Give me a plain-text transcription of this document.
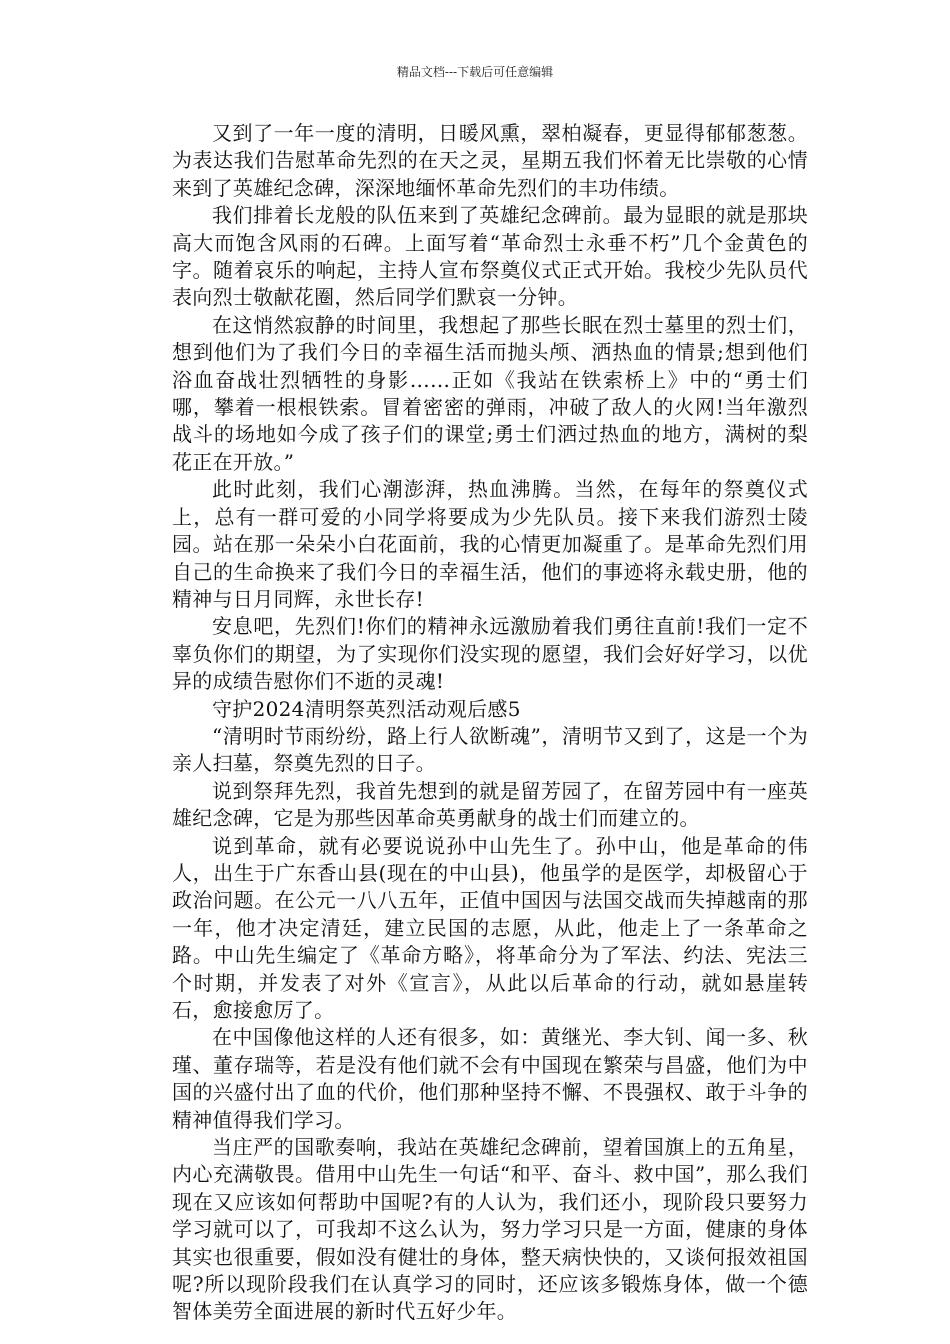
精品文档---下载后可任意编辑

又到了一年一度的清明，日暖风熏，翠柏凝春，更显得郁郁葱葱。为表达我们告慰革命先烈的在天之灵，星期五我们怀着无比崇敬的心情来到了英雄纪念碑，深深地缅怀革命先烈们的丰功伟绩。

我们排着长龙般的队伍来到了英雄纪念碑前。最为显眼的就是那块高大而饱含风雨的石碑。上面写着“革命烈士永垂不朽”几个金黄色的字。随着哀乐的响起，主持人宣布祭奠仪式正式开始。我校少先队员代表向烈士敬献花圈，然后同学们默哀一分钟。

在这悄然寂静的时间里，我想起了那些长眠在烈士墓里的烈士们，想到他们为了我们今日的幸福生活而抛头颅、洒热血的情景;想到他们浴血奋战壮烈牺牲的身影……正如《我站在铁索桥上》中的“勇士们哪，攀着一根根铁索。冒着密密的弹雨，冲破了敌人的火网!当年激烈战斗的场地如今成了孩子们的课堂;勇士们洒过热血的地方，满树的梨花正在开放。”

此时此刻，我们心潮澎湃，热血沸腾。当然，在每年的祭奠仪式上，总有一群可爱的小同学将要成为少先队员。接下来我们游烈士陵园。站在那一朵朵小白花面前，我的心情更加凝重了。是革命先烈们用自己的生命换来了我们今日的幸福生活，他们的事迹将永载史册，他的精神与日月同辉，永世长存!

安息吧，先烈们!你们的精神永远激励着我们勇往直前!我们一定不辜负你们的期望，为了实现你们没实现的愿望，我们会好好学习，以优异的成绩告慰你们不逝的灵魂!

守护2024清明祭英烈活动观后感5

“清明时节雨纷纷，路上行人欲断魂”，清明节又到了，这是一个为亲人扫墓，祭奠先烈的日子。

说到祭拜先烈，我首先想到的就是留芳园了，在留芳园中有一座英雄纪念碑，它是为那些因革命英勇献身的战士们而建立的。

说到革命，就有必要说说孙中山先生了。孙中山，他是革命的伟人，出生于广东香山县(现在的中山县)，他虽学的是医学，却极留心于政治问题。在公元一八八五年，正值中国因与法国交战而失掉越南的那一年，他才决定清廷，建立民国的志愿，从此，他走上了一条革命之路。中山先生编定了《革命方略》，将革命分为了军法、约法、宪法三个时期，并发表了对外《宣言》，从此以后革命的行动，就如悬崖转石，愈接愈厉了。

在中国像他这样的人还有很多，如：黄继光、李大钊、闻一多、秋瑾、董存瑞等，若是没有他们就不会有中国现在繁荣与昌盛，他们为中国的兴盛付出了血的代价，他们那种坚持不懈、不畏强权、敢于斗争的精神值得我们学习。

当庄严的国歌奏响，我站在英雄纪念碑前，望着国旗上的五角星，内心充满敬畏。借用中山先生一句话“和平、奋斗、救中国”，那么我们现在又应该如何帮助中国呢?有的人认为，我们还小，现阶段只要努力学习就可以了，可我却不这么认为，努力学习只是一方面，健康的身体其实也很重要，假如没有健壮的身体，整天病快快的，又谈何报效祖国呢?所以现阶段我们在认真学习的同时，还应该多锻炼身体，做一个德智体美劳全面进展的新时代五好少年。
